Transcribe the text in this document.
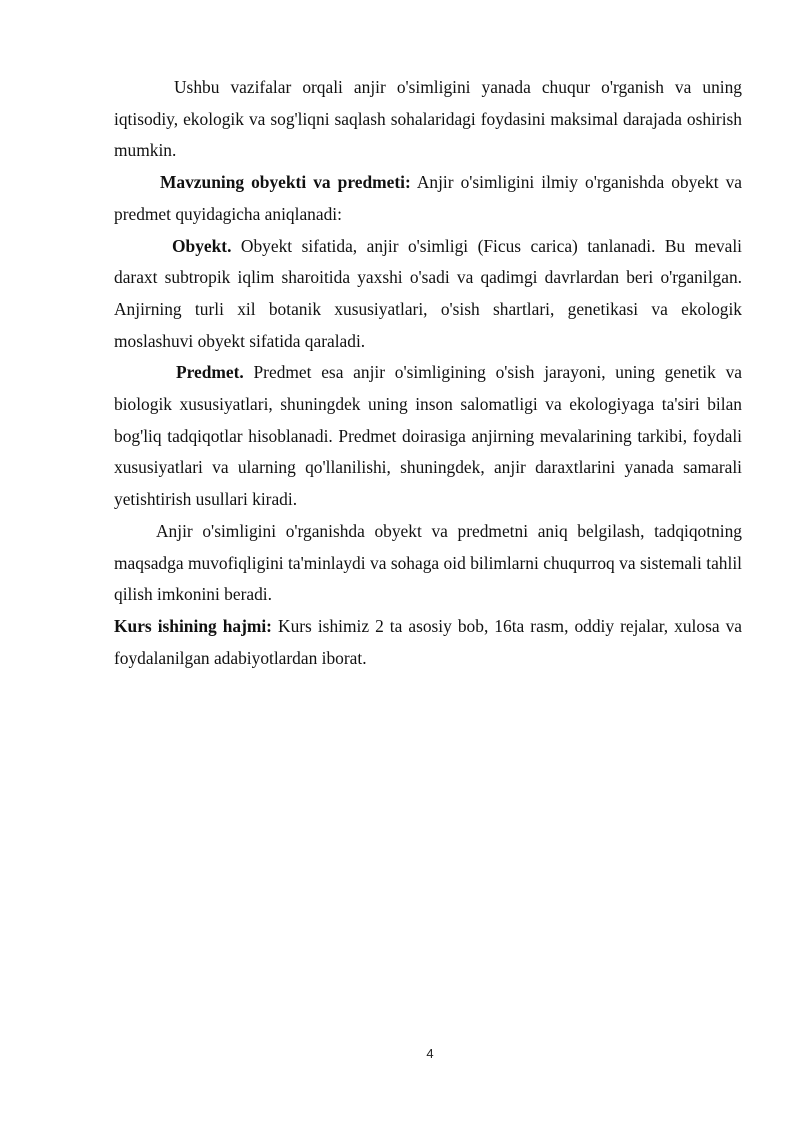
Ushbu vazifalar orqali anjir o'simligini yanada chuqur o'rganish va uning iqtisodiy, ekologik va sog'liqni saqlash sohalaridagi foydasini maksimal darajada oshirish mumkin.

Mavzuning obyekti va predmeti: Anjir o'simligini ilmiy o'rganishda obyekt va predmet quyidagicha aniqlanadi:

Obyekt. Obyekt sifatida, anjir o'simligi (Ficus carica) tanlanadi. Bu mevali daraxt subtropik iqlim sharoitida yaxshi o'sadi va qadimgi davrlardan beri o'rganilgan. Anjirning turli xil botanik xususiyatlari, o'sish shartlari, genetikasi va ekologik moslashuvi obyekt sifatida qaraladi.

Predmet. Predmet esa anjir o'simligining o'sish jarayoni, uning genetik va biologik xususiyatlari, shuningdek uning inson salomatligi va ekologiyaga ta'siri bilan bog'liq tadqiqotlar hisoblanadi. Predmet doirasiga anjirning mevalarining tarkibi, foydali xususiyatlari va ularning qo'llanilishi, shuningdek, anjir daraxtlarini yanada samarali yetishtirish usullari kiradi.

Anjir o'simligini o'rganishda obyekt va predmetni aniq belgilash, tadqiqotning maqsadga muvofiqligini ta'minlaydi va sohaga oid bilimlarni chuqurroq va sistemali tahlil qilish imkonini beradi.

Kurs ishining hajmi: Kurs ishimiz 2 ta asosiy bob, 16ta rasm, oddiy rejalar, xulosa va foydalanilgan adabiyotlardan iborat.

4
